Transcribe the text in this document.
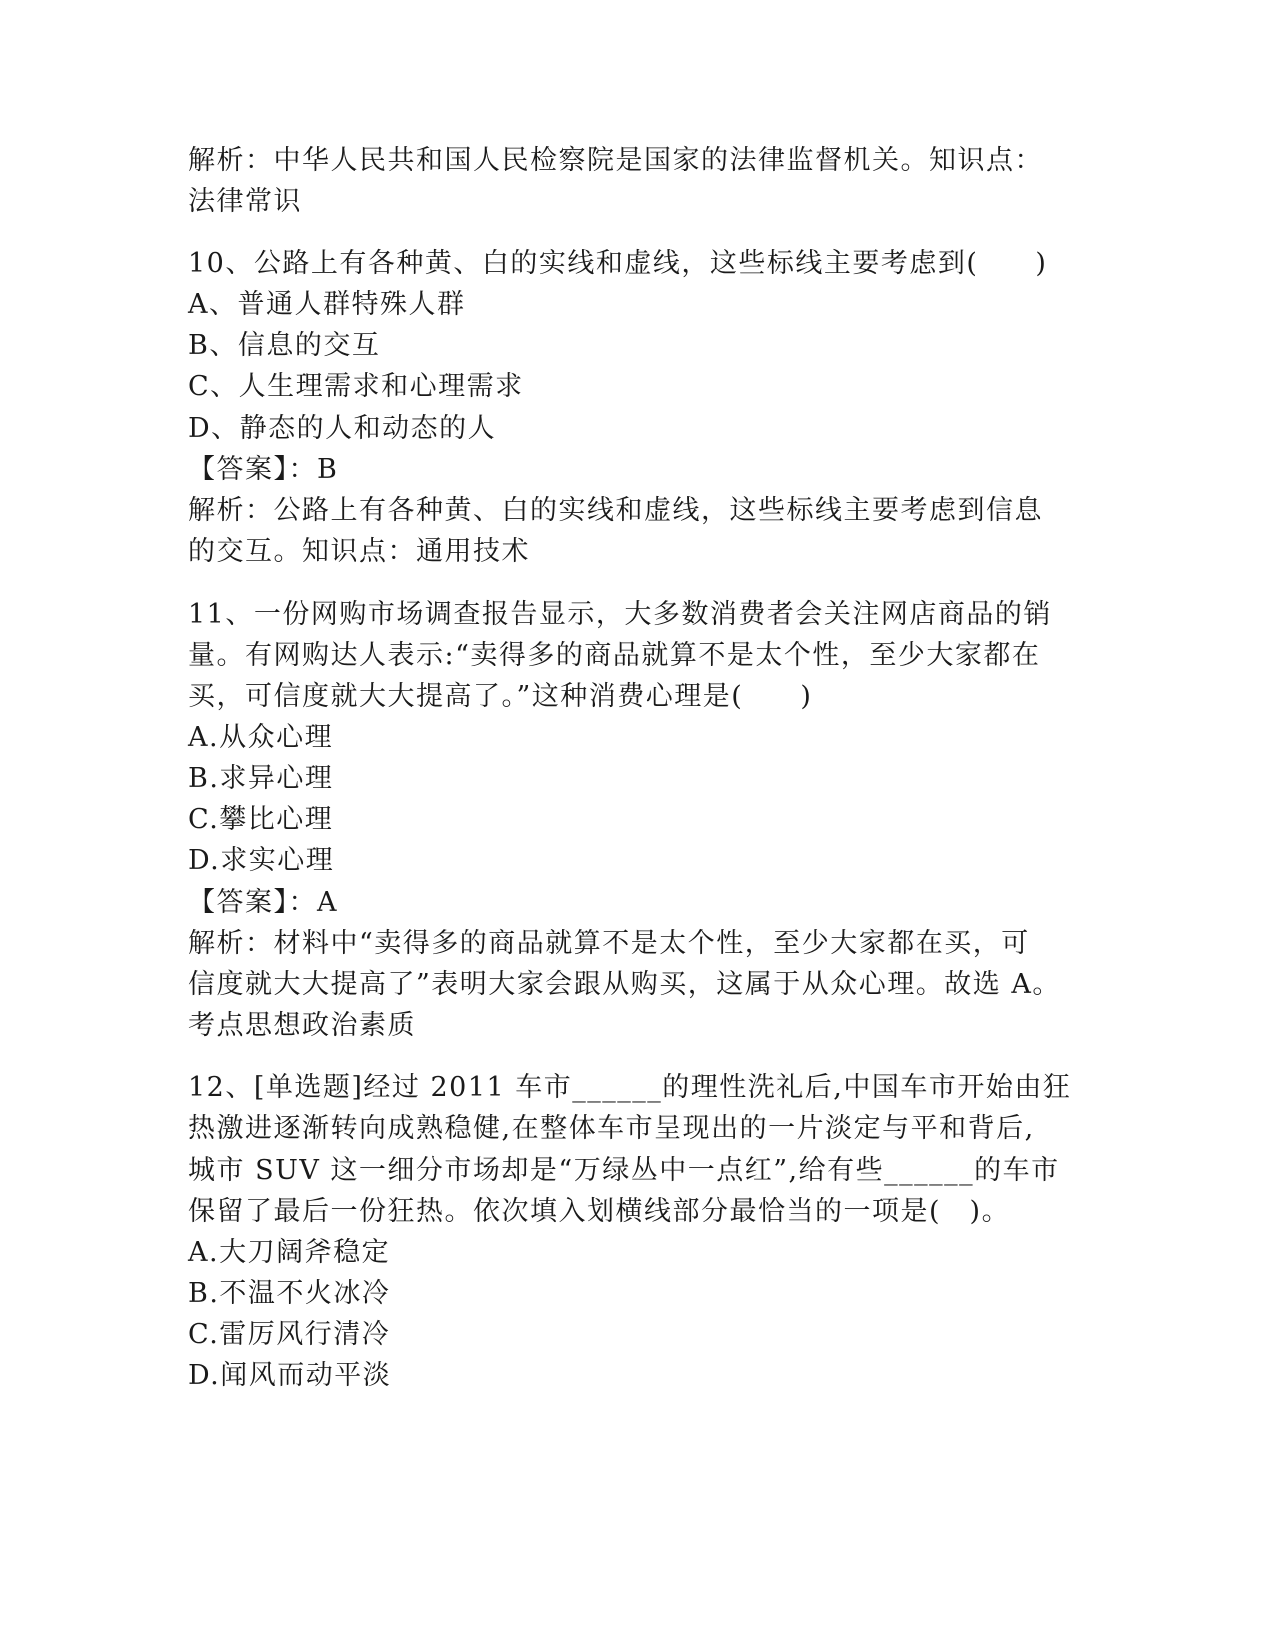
解析：中华人民共和国人民检察院是国家的法律监督机关。知识点：
法律常识
10、公路上有各种黄、白的实线和虚线，这些标线主要考虑到(　　)
A、普通人群特殊人群
B、信息的交互
C、人生理需求和心理需求
D、静态的人和动态的人
【答案】：B
解析：公路上有各种黄、白的实线和虚线，这些标线主要考虑到信息
的交互。知识点：通用技术
11、一份网购市场调查报告显示，大多数消费者会关注网店商品的销
量。有网购达人表示:“卖得多的商品就算不是太个性，至少大家都在
买，可信度就大大提高了。”这种消费心理是(　　)
A.从众心理
B.求异心理
C.攀比心理
D.求实心理
【答案】：A
解析：材料中“卖得多的商品就算不是太个性，至少大家都在买，可
信度就大大提高了”表明大家会跟从购买，这属于从众心理。故选 A。
考点思想政治素质
12、[单选题]经过 2011 车市______的理性洗礼后,中国车市开始由狂
热激进逐渐转向成熟稳健,在整体车市呈现出的一片淡定与平和背后,
城市 SUV 这一细分市场却是“万绿丛中一点红”,给有些______的车市
保留了最后一份狂热。依次填入划横线部分最恰当的一项是(　)。
A.大刀阔斧稳定
B.不温不火冰冷
C.雷厉风行清冷
D.闻风而动平淡
